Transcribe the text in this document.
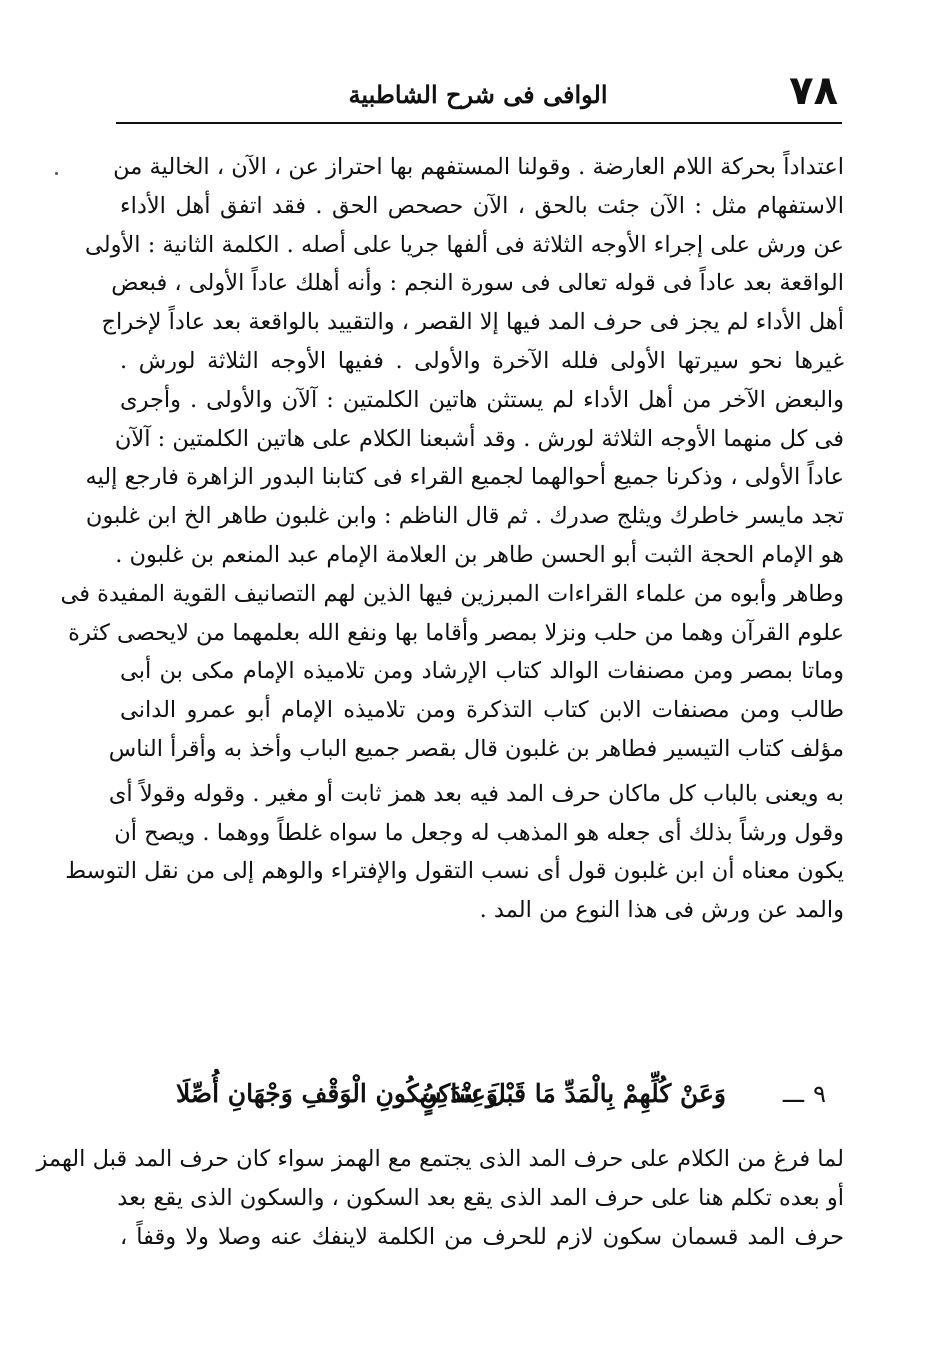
٧٨
الوافى فى شرح الشاطبية
اعتداداً بحركة اللام العارضة . وقولنا المستفهم بها احتراز عن ، الآن ، الخالية من
الاستفهام مثل : الآن جئت بالحق ، الآن حصحص الحق . فقد اتفق أهل الأداء
عن ورش على إجراء الأوجه الثلاثة فى ألفها جريا على أصله . الكلمة الثانية : الأولى
الواقعة بعد عاداً فى قوله تعالى فى سورة النجم : وأنه أهلك عاداً الأولى ، فبعض
أهل الأداء لم يجز فى حرف المد فيها إلا القصر ، والتقييد بالواقعة بعد عاداً لإخراج
غيرها نحو سيرتها الأولى فلله الآخرة والأولى . ففيها الأوجه الثلاثة لورش .
والبعض الآخر من أهل الأداء لم يستثن هاتين الكلمتين : آلآن والأولى . وأجرى
فى كل منهما الأوجه الثلاثة لورش . وقد أشبعنا الكلام على هاتين الكلمتين : آلآن
عاداً الأولى ، وذكرنا جميع أحوالهما لجميع القراء فى كتابنا البدور الزاهرة فارجع إليه
تجد مايسر خاطرك ويثلج صدرك . ثم قال الناظم : وابن غلبون طاهر الخ ابن غلبون
هو الإمام الحجة الثبت أبو الحسن طاهر بن العلامة الإمام عبد المنعم بن غلبون .
وطاهر وأبوه من علماء القراءات المبرزين فيها الذين لهم التصانيف القوية المفيدة فى
علوم القرآن وهما من حلب ونزلا بمصر وأقاما بها ونفع الله بعلمهما من لايحصى كثرة
وماتا بمصر ومن مصنفات الوالد كتاب الإرشاد ومن تلاميذه الإمام مكى بن أبى
طالب ومن مصنفات الابن كتاب التذكرة ومن تلاميذه الإمام أبو عمرو الدانى
مؤلف كتاب التيسير فطاهر بن غلبون قال بقصر جميع الباب وأخذ به وأقرأ الناس
به ويعنى بالباب كل ماكان حرف المد فيه بعد همز ثابت أو مغير . وقوله وقولاً أى
وقول ورشاً بذلك أى جعله هو المذهب له وجعل ما سواه غلطاً ووهما . ويصح أن
يكون معناه أن ابن غلبون قول أى نسب التقول والإفتراء والوهم إلى من نقل التوسط
والمد عن ورش فى هذا النوع من المد .
٩
ـــ
وَعَنْ كُلِّهِمْ بِالْمَدِّ مَا قَبْلَ سَاكِنٍ
وَعِنْدَ سُكُونِ الْوَقْفِ وَجْهَانِ أُصِّلَا
لما فرغ من الكلام على حرف المد الذى يجتمع مع الهمز سواء كان حرف المد قبل الهمز
أو بعده تكلم هنا على حرف المد الذى يقع بعد السكون ، والسكون الذى يقع بعد
حرف المد قسمان سكون لازم للحرف من الكلمة لاينفك عنه وصلا ولا وقفاً ،
